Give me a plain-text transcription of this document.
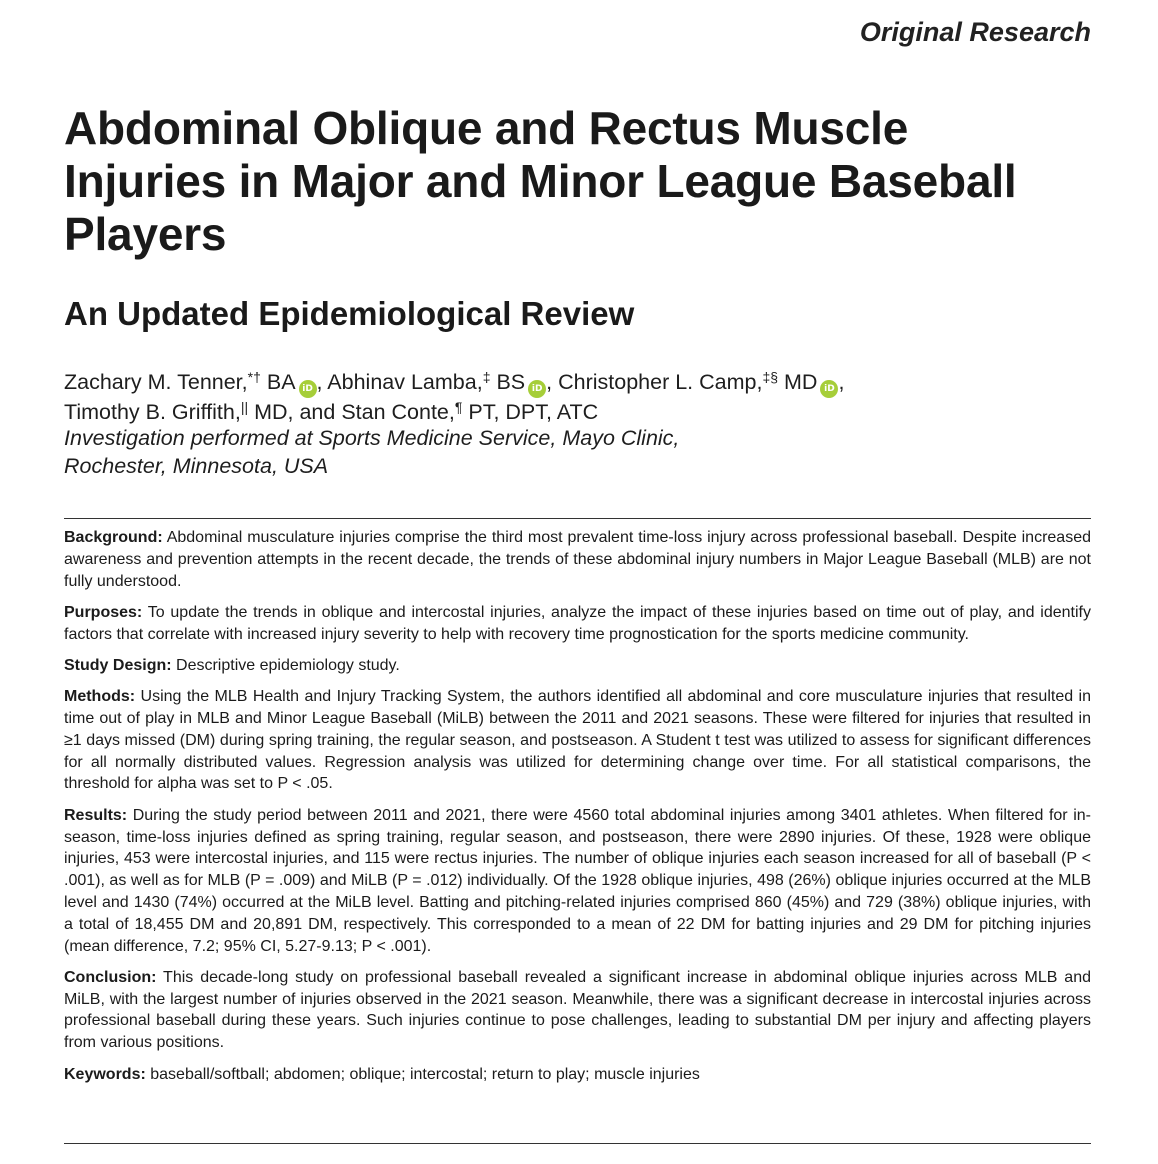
Original Research
Abdominal Oblique and Rectus Muscle Injuries in Major and Minor League Baseball Players
An Updated Epidemiological Review
Zachary M. Tenner,*† BA iD , Abhinav Lamba,‡ BS iD , Christopher L. Camp,‡§ MD iD ,
Timothy B. Griffith,|| MD, and Stan Conte,¶ PT, DPT, ATC
Investigation performed at Sports Medicine Service, Mayo Clinic,
Rochester, Minnesota, USA

Background: Abdominal musculature injuries comprise the third most prevalent time-loss injury across professional baseball. Despite increased awareness and prevention attempts in the recent decade, the trends of these abdominal injury numbers in Major League Baseball (MLB) are not fully understood.

Purposes: To update the trends in oblique and intercostal injuries, analyze the impact of these injuries based on time out of play, and identify factors that correlate with increased injury severity to help with recovery time prognostication for the sports medicine community.

Study Design: Descriptive epidemiology study.

Methods: Using the MLB Health and Injury Tracking System, the authors identified all abdominal and core musculature injuries that resulted in time out of play in MLB and Minor League Baseball (MiLB) between the 2011 and 2021 seasons. These were filtered for injuries that resulted in ≥1 days missed (DM) during spring training, the regular season, and postseason. A Student t test was utilized to assess for significant differences for all normally distributed values. Regression analysis was utilized for determining change over time. For all statistical comparisons, the threshold for alpha was set to P < .05.

Results: During the study period between 2011 and 2021, there were 4560 total abdominal injuries among 3401 athletes. When filtered for in-season, time-loss injuries defined as spring training, regular season, and postseason, there were 2890 injuries. Of these, 1928 were oblique injuries, 453 were intercostal injuries, and 115 were rectus injuries. The number of oblique injuries each season increased for all of baseball (P < .001), as well as for MLB (P = .009) and MiLB (P = .012) individually. Of the 1928 oblique injuries, 498 (26%) oblique injuries occurred at the MLB level and 1430 (74%) occurred at the MiLB level. Batting and pitching-related injuries comprised 860 (45%) and 729 (38%) oblique injuries, with a total of 18,455 DM and 20,891 DM, respectively. This corresponded to a mean of 22 DM for batting injuries and 29 DM for pitching injuries (mean difference, 7.2; 95% CI, 5.27-9.13; P < .001).

Conclusion: This decade-long study on professional baseball revealed a significant increase in abdominal oblique injuries across MLB and MiLB, with the largest number of injuries observed in the 2021 season. Meanwhile, there was a significant decrease in intercostal injuries across professional baseball during these years. Such injuries continue to pose challenges, leading to substantial DM per injury and affecting players from various positions.

Keywords: baseball/softball; abdomen; oblique; intercostal; return to play; muscle injuries
